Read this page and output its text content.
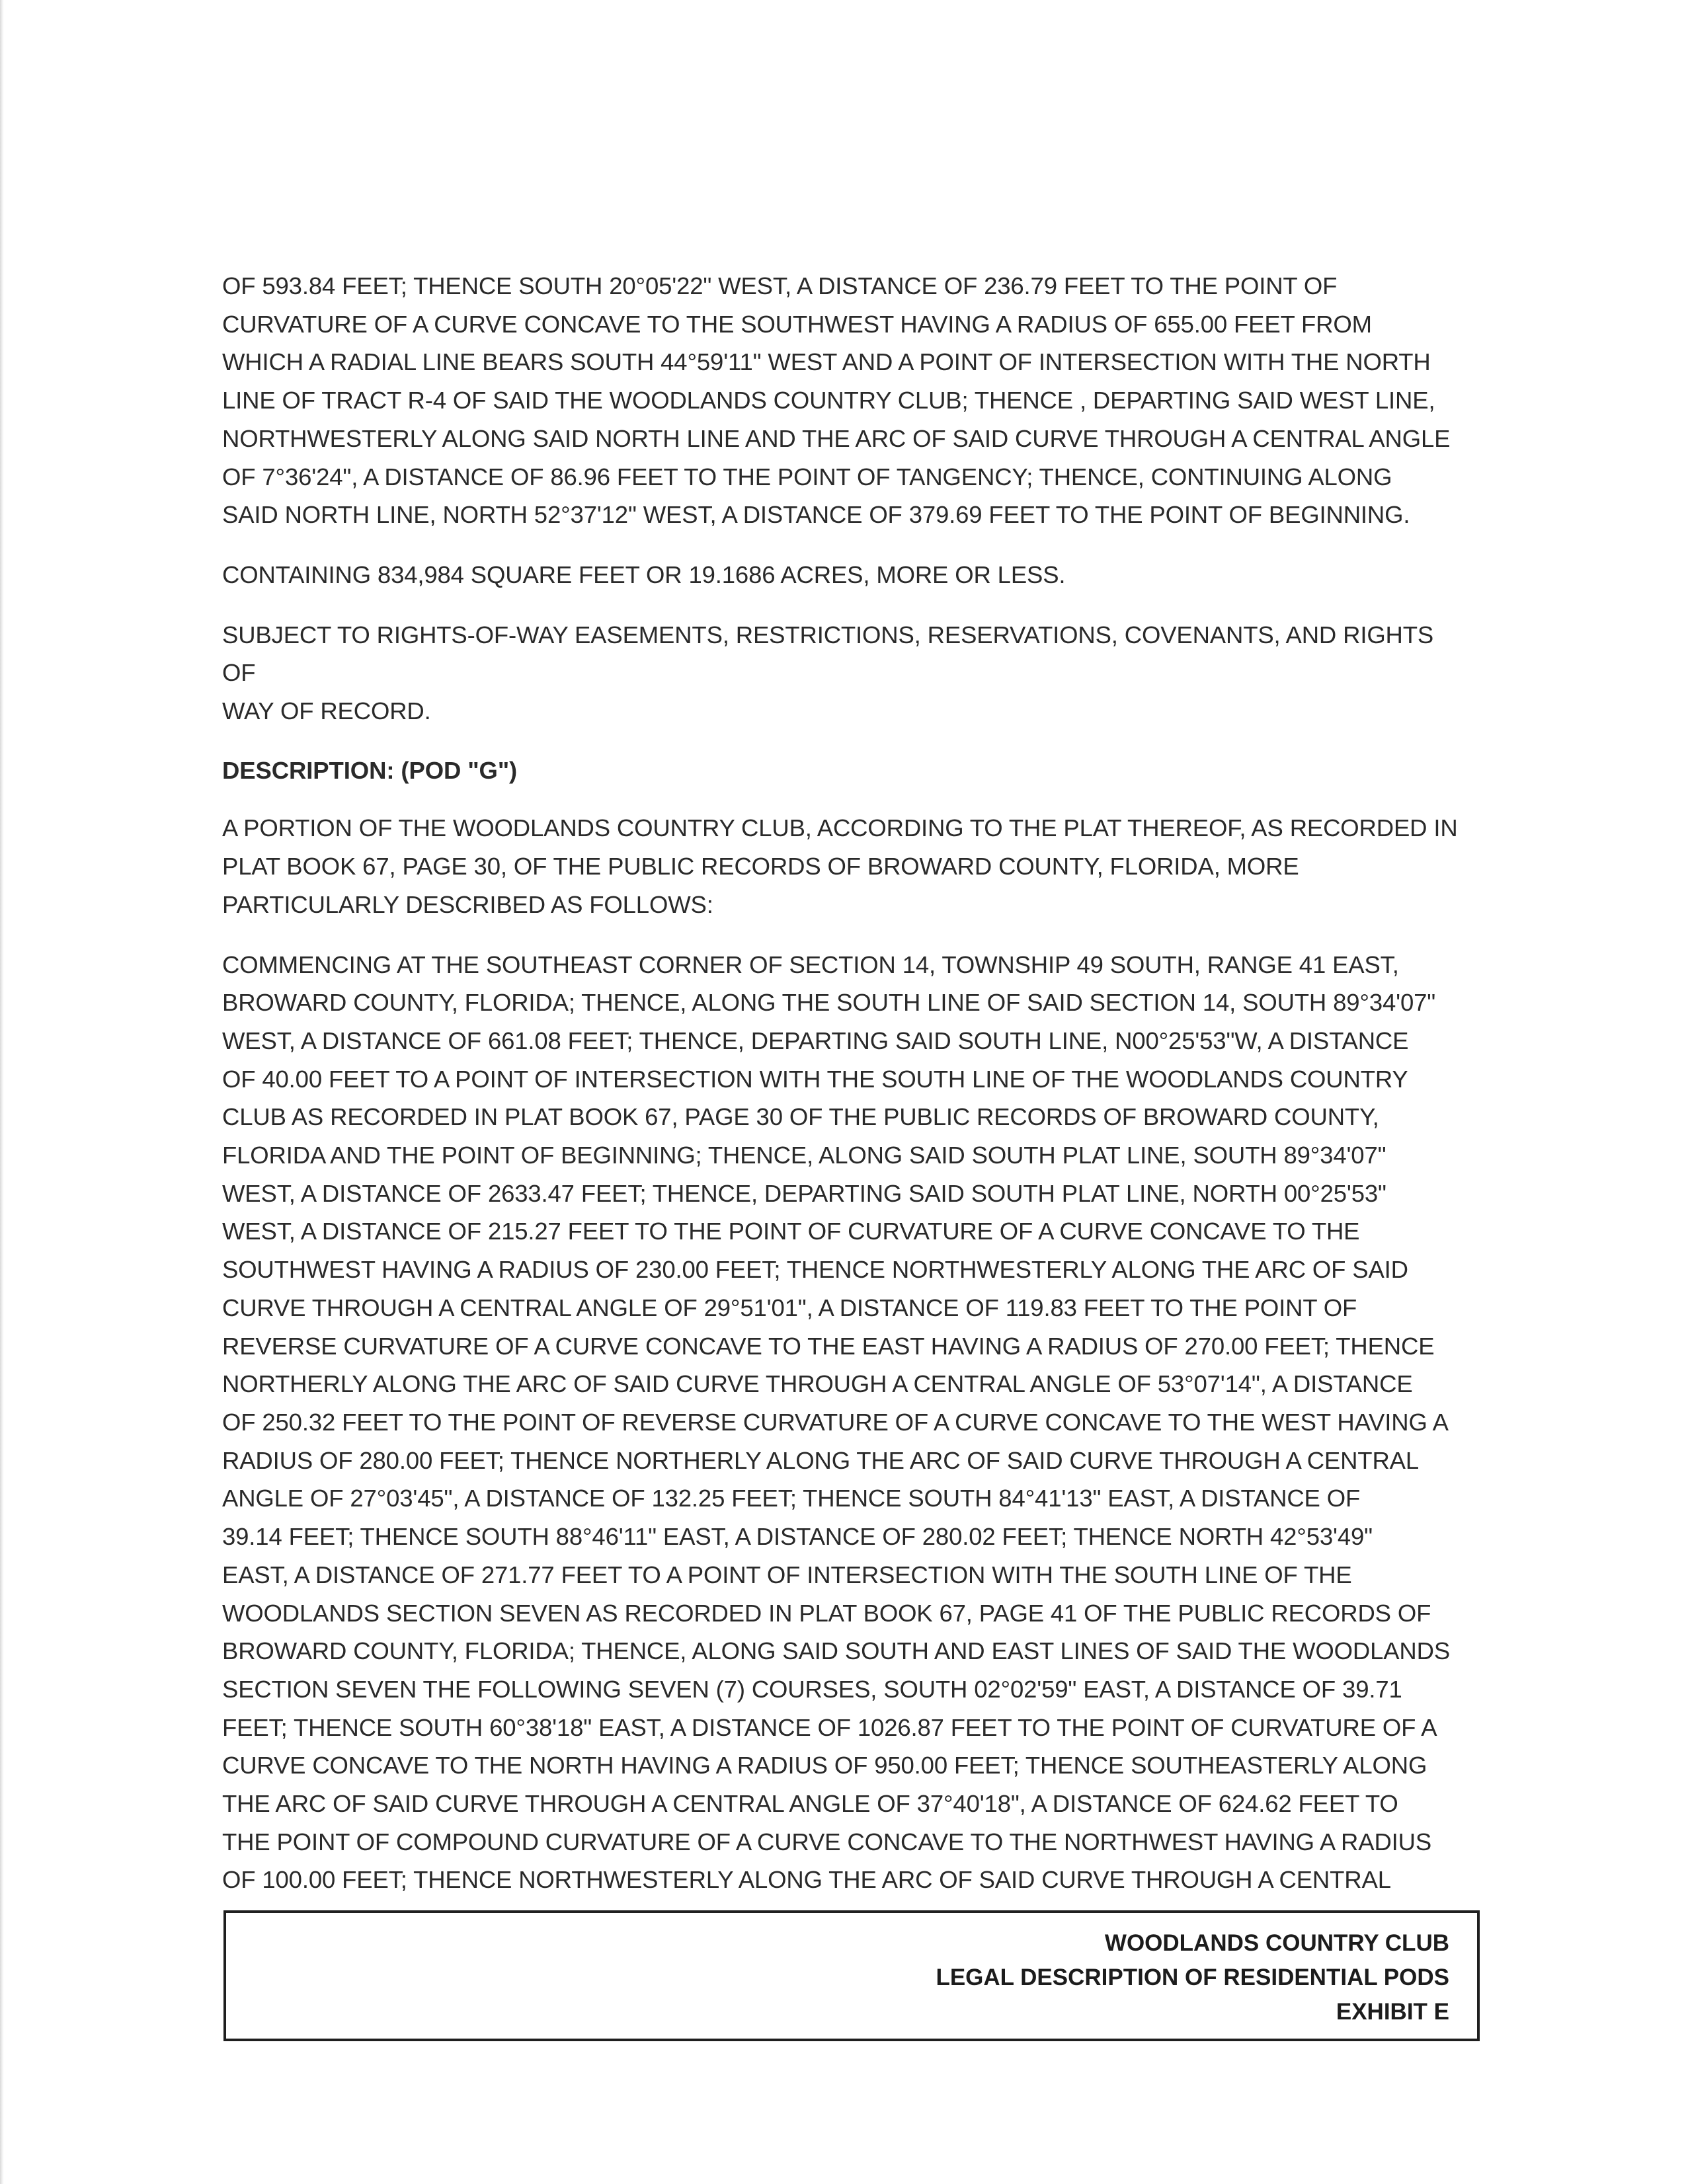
OF 593.84 FEET; THENCE SOUTH 20°05'22" WEST, A DISTANCE OF 236.79 FEET TO THE POINT OF
CURVATURE OF A CURVE CONCAVE TO THE SOUTHWEST HAVING A RADIUS OF 655.00 FEET FROM
WHICH A RADIAL LINE BEARS SOUTH 44°59'11" WEST AND A POINT OF INTERSECTION WITH THE NORTH
LINE OF TRACT R-4 OF SAID THE WOODLANDS COUNTRY CLUB; THENCE , DEPARTING SAID WEST LINE,
NORTHWESTERLY ALONG SAID NORTH LINE AND THE ARC OF SAID CURVE THROUGH A CENTRAL ANGLE
OF 7°36'24", A DISTANCE OF 86.96 FEET TO THE POINT OF TANGENCY; THENCE, CONTINUING ALONG
SAID NORTH LINE, NORTH 52°37'12" WEST, A DISTANCE OF 379.69 FEET TO THE POINT OF BEGINNING.

CONTAINING 834,984 SQUARE FEET OR 19.1686 ACRES, MORE OR LESS.

SUBJECT TO RIGHTS-OF-WAY EASEMENTS, RESTRICTIONS, RESERVATIONS, COVENANTS, AND RIGHTS OF
WAY OF RECORD.

DESCRIPTION: (POD "G")

A PORTION OF THE WOODLANDS COUNTRY CLUB, ACCORDING TO THE PLAT THEREOF, AS RECORDED IN
PLAT BOOK 67, PAGE 30, OF THE PUBLIC RECORDS OF BROWARD COUNTY, FLORIDA, MORE
PARTICULARLY DESCRIBED AS FOLLOWS:

COMMENCING AT THE SOUTHEAST CORNER OF SECTION 14, TOWNSHIP 49 SOUTH, RANGE 41 EAST,
BROWARD COUNTY, FLORIDA; THENCE, ALONG THE SOUTH LINE OF SAID SECTION 14, SOUTH 89°34'07"
WEST, A DISTANCE OF 661.08 FEET; THENCE, DEPARTING SAID SOUTH LINE, N00°25'53"W, A DISTANCE
OF 40.00 FEET TO A POINT OF INTERSECTION WITH THE SOUTH LINE OF THE WOODLANDS COUNTRY
CLUB AS RECORDED IN PLAT BOOK 67, PAGE 30 OF THE PUBLIC RECORDS OF BROWARD COUNTY,
FLORIDA AND THE POINT OF BEGINNING; THENCE, ALONG SAID SOUTH PLAT LINE, SOUTH 89°34'07"
WEST, A DISTANCE OF 2633.47 FEET; THENCE, DEPARTING SAID SOUTH PLAT LINE, NORTH 00°25'53"
WEST, A DISTANCE OF 215.27 FEET TO THE POINT OF CURVATURE OF A CURVE CONCAVE TO THE
SOUTHWEST HAVING A RADIUS OF 230.00 FEET; THENCE NORTHWESTERLY ALONG THE ARC OF SAID
CURVE THROUGH A CENTRAL ANGLE OF 29°51'01", A DISTANCE OF 119.83 FEET TO THE POINT OF
REVERSE CURVATURE OF A CURVE CONCAVE TO THE EAST HAVING A RADIUS OF 270.00 FEET; THENCE
NORTHERLY ALONG THE ARC OF SAID CURVE THROUGH A CENTRAL ANGLE OF 53°07'14", A DISTANCE
OF 250.32 FEET TO THE POINT OF REVERSE CURVATURE OF A CURVE CONCAVE TO THE WEST HAVING A
RADIUS OF 280.00 FEET; THENCE NORTHERLY ALONG THE ARC OF SAID CURVE THROUGH A CENTRAL
ANGLE OF 27°03'45", A DISTANCE OF 132.25 FEET; THENCE SOUTH 84°41'13" EAST, A DISTANCE OF
39.14 FEET; THENCE SOUTH 88°46'11" EAST, A DISTANCE OF 280.02 FEET; THENCE NORTH 42°53'49"
EAST, A DISTANCE OF 271.77 FEET TO A POINT OF INTERSECTION WITH THE SOUTH LINE OF THE
WOODLANDS SECTION SEVEN AS RECORDED IN PLAT BOOK 67, PAGE 41 OF THE PUBLIC RECORDS OF
BROWARD COUNTY, FLORIDA; THENCE, ALONG SAID SOUTH AND EAST LINES OF SAID THE WOODLANDS
SECTION SEVEN THE FOLLOWING SEVEN (7) COURSES, SOUTH 02°02'59" EAST, A DISTANCE OF 39.71
FEET; THENCE SOUTH 60°38'18" EAST, A DISTANCE OF 1026.87 FEET TO THE POINT OF CURVATURE OF A
CURVE CONCAVE TO THE NORTH HAVING A RADIUS OF 950.00 FEET; THENCE SOUTHEASTERLY ALONG
THE ARC OF SAID CURVE THROUGH A CENTRAL ANGLE OF 37°40'18", A DISTANCE OF 624.62 FEET TO
THE POINT OF COMPOUND CURVATURE OF A CURVE CONCAVE TO THE NORTHWEST HAVING A RADIUS
OF 100.00 FEET; THENCE NORTHWESTERLY ALONG THE ARC OF SAID CURVE THROUGH A CENTRAL

WOODLANDS COUNTRY CLUB
LEGAL DESCRIPTION OF RESIDENTIAL PODS
EXHIBIT E
